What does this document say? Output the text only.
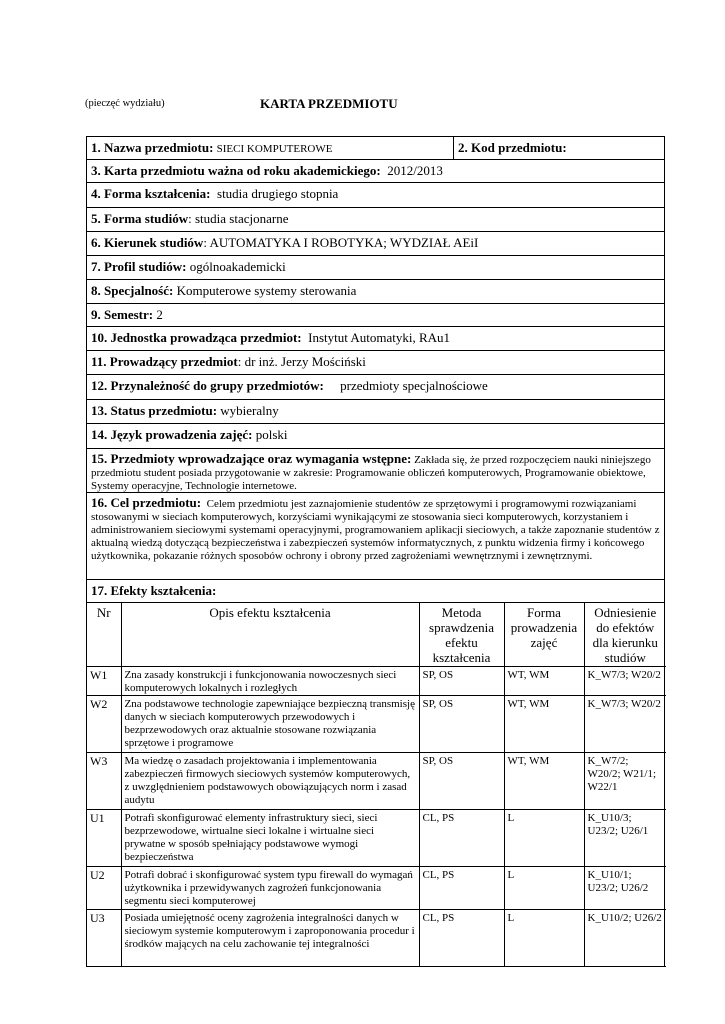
(pieczęć wydziału)	KARTA PRZEDMIOTU
1. Nazwa przedmiotu: SIECI KOMPUTEROWE	2. Kod przedmiotu:
3. Karta przedmiotu ważna od roku akademickiego: 2012/2013
4. Forma kształcenia: studia drugiego stopnia
5. Forma studiów: studia stacjonarne
6. Kierunek studiów: AUTOMATYKA I ROBOTYKA; WYDZIAŁ AEiI
7. Profil studiów: ogólnoakademicki
8. Specjalność: Komputerowe systemy sterowania
9. Semestr: 2
10. Jednostka prowadząca przedmiot: Instytut Automatyki, RAu1
11. Prowadzący przedmiot: dr inż. Jerzy Mościński
12. Przynależność do grupy przedmiotów: przedmioty specjalnościowe
13. Status przedmiotu: wybieralny
14. Język prowadzenia zajęć: polski
15. Przedmioty wprowadzające oraz wymagania wstępne: Zakłada się, że przed rozpoczęciem nauki niniejszego przedmiotu student posiada przygotowanie w zakresie: Programowanie obliczeń komputerowych, Programowanie obiektowe, Systemy operacyjne, Technologie internetowe.
16. Cel przedmiotu: Celem przedmiotu jest zaznajomienie studentów ze sprzętowymi i programowymi rozwiązaniami stosowanymi w sieciach komputerowych, korzyściami wynikającymi ze stosowania sieci komputerowych, korzystaniem i administrowaniem sieciowymi systemami operacyjnymi, programowaniem aplikacji sieciowych, a także zapoznanie studentów z aktualną wiedzą dotyczącą bezpieczeństwa i zabezpieczeń systemów informatycznych, z punktu widzenia firmy i końcowego użytkownika, pokazanie różnych sposobów ochrony i obrony przed zagrożeniami wewnętrznymi i zewnętrznymi.
17. Efekty kształcenia:
Nr	Opis efektu kształcenia	Metoda sprawdzenia efektu kształcenia	Forma prowadzenia zajęć	Odniesienie do efektów dla kierunku studiów
W1	Zna zasady konstrukcji i funkcjonowania nowoczesnych sieci komputerowych lokalnych i rozległych	SP, OS	WT, WM	K_W7/3; W20/2
W2	Zna podstawowe technologie zapewniające bezpieczną transmisję danych w sieciach komputerowych przewodowych i bezprzewodowych oraz aktualnie stosowane rozwiązania sprzętowe i programowe	SP, OS	WT, WM	K_W7/3; W20/2
W3	Ma wiedzę o zasadach projektowania i implementowania zabezpieczeń firmowych sieciowych systemów komputerowych, z uwzględnieniem podstawowych obowiązujących norm i zasad audytu	SP, OS	WT, WM	K_W7/2; W20/2; W21/1; W22/1
U1	Potrafi skonfigurować elementy infrastruktury sieci, sieci bezprzewodowe, wirtualne sieci lokalne i wirtualne sieci prywatne w sposób spełniający podstawowe wymogi bezpieczeństwa	CL, PS	L	K_U10/3; U23/2; U26/1
U2	Potrafi dobrać i skonfigurować system typu firewall do wymagań użytkownika i przewidywanych zagrożeń funkcjonowania segmentu sieci komputerowej	CL, PS	L	K_U10/1; U23/2; U26/2
U3	Posiada umiejętność oceny zagrożenia integralności danych w sieciowym systemie komputerowym i zaproponowania procedur i środków mających na celu zachowanie tej integralności	CL, PS	L	K_U10/2; U26/2
